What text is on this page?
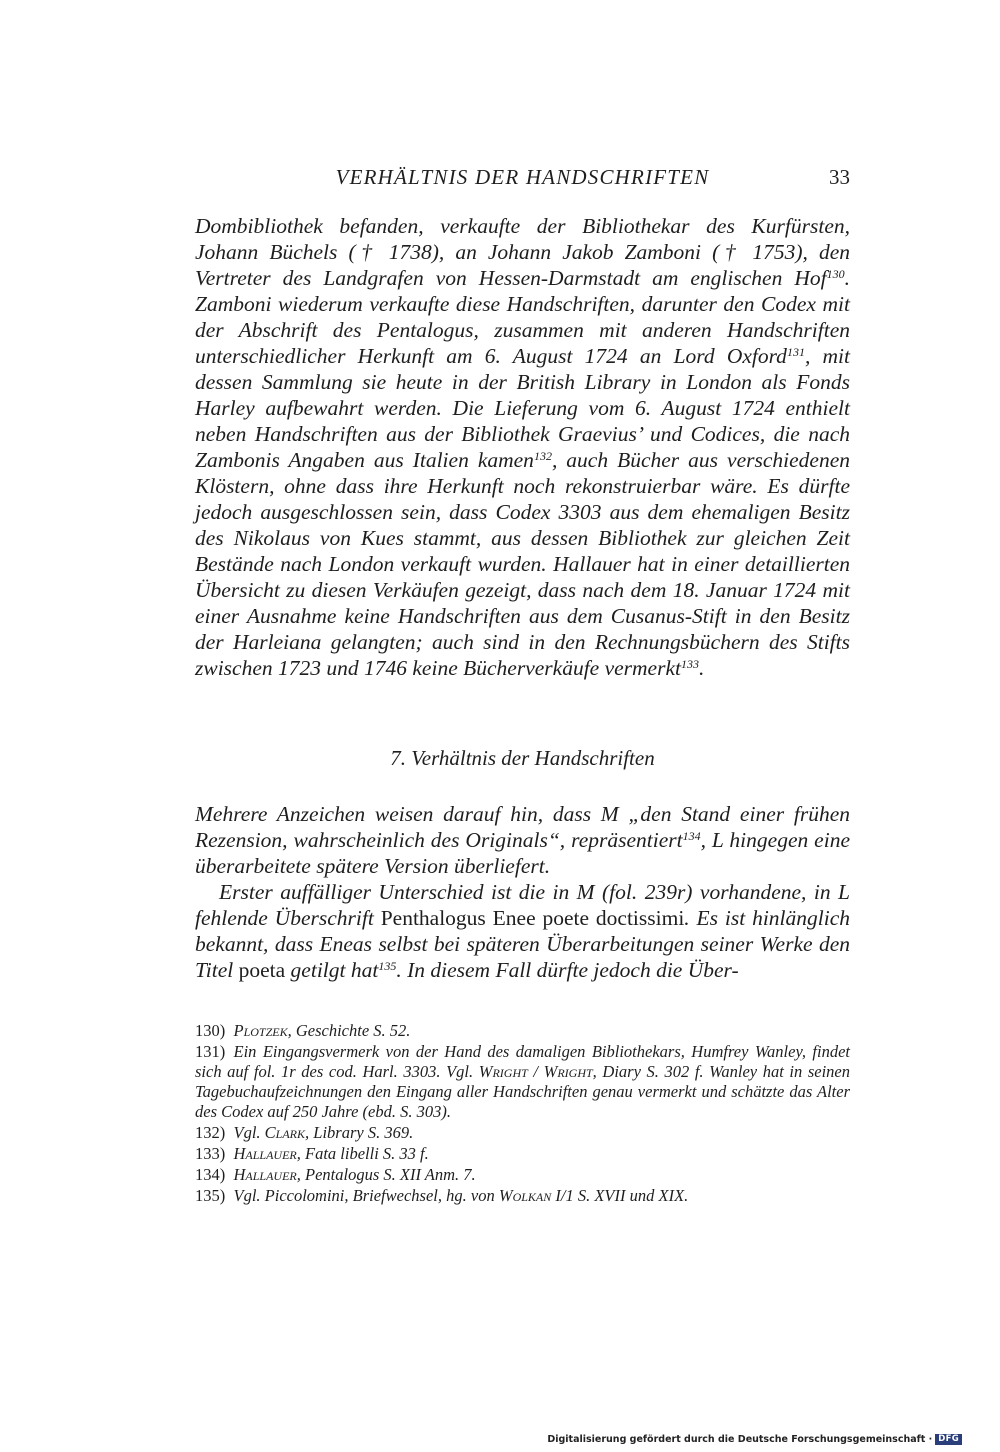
VERHÄLTNIS DER HANDSCHRIFTEN	33

Dombibliothek befanden, verkaufte der Bibliothekar des Kurfürsten, Johann Büchels († 1738), an Johann Jakob Zamboni († 1753), den Vertreter des Landgrafen von Hessen-Darmstadt am englischen Hof$^{130}$. Zamboni wiederum verkaufte diese Handschriften, darunter den Codex mit der Abschrift des Pentalogus, zusammen mit anderen Handschriften unterschiedlicher Herkunft am 6. August 1724 an Lord Oxford$^{131}$, mit dessen Sammlung sie heute in der British Library in London als Fonds Harley aufbewahrt werden. Die Lieferung vom 6. August 1724 enthielt neben Handschriften aus der Bibliothek Graevius’ und Codices, die nach Zambonis Angaben aus Italien kamen$^{132}$, auch Bücher aus verschiedenen Klöstern, ohne dass ihre Herkunft noch rekonstruierbar wäre. Es dürfte jedoch ausgeschlossen sein, dass Codex 3303 aus dem ehemaligen Besitz des Nikolaus von Kues stammt, aus dessen Bibliothek zur gleichen Zeit Bestände nach London verkauft wurden. Hallauer hat in einer detaillierten Übersicht zu diesen Verkäufen gezeigt, dass nach dem 18. Januar 1724 mit einer Ausnahme keine Handschriften aus dem Cusanus-Stift in den Besitz der Harleiana gelangten; auch sind in den Rechnungsbüchern des Stifts zwischen 1723 und 1746 keine Bücherverkäufe vermerkt$^{133}$.

7. Verhältnis der Handschriften

Mehrere Anzeichen weisen darauf hin, dass M „den Stand einer frühen Rezension, wahrscheinlich des Originals“, repräsentiert$^{134}$, L hingegen eine überarbeitete spätere Version überliefert.

Erster auffälliger Unterschied ist die in M (fol. 239r) vorhandene, in L fehlende Überschrift Penthalogus Enee poete doctissimi. Es ist hinlänglich bekannt, dass Eneas selbst bei späteren Überarbeitungen seiner Werke den Titel poeta getilgt hat$^{135}$. In diesem Fall dürfte jedoch die Über-

130)  Plotzek, Geschichte S. 52.
131)  Ein Eingangsvermerk von der Hand des damaligen Bibliothekars, Humfrey Wanley, findet sich auf fol. 1r des cod. Harl. 3303. Vgl. Wright / Wright, Diary S. 302 f. Wanley hat in seinen Tagebuchaufzeichnungen den Eingang aller Handschriften genau vermerkt und schätzte das Alter des Codex auf 250 Jahre (ebd. S. 303).
132)  Vgl. Clark, Library S. 369.
133)  Hallauer, Fata libelli S. 33 f.
134)  Hallauer, Pentalogus S. XII Anm. 7.
135)  Vgl. Piccolomini, Briefwechsel, hg. von Wolkan I/1 S. XVII und XIX.
Digitalisierung gefördert durch die Deutsche Forschungsgemeinschaft · DFG
